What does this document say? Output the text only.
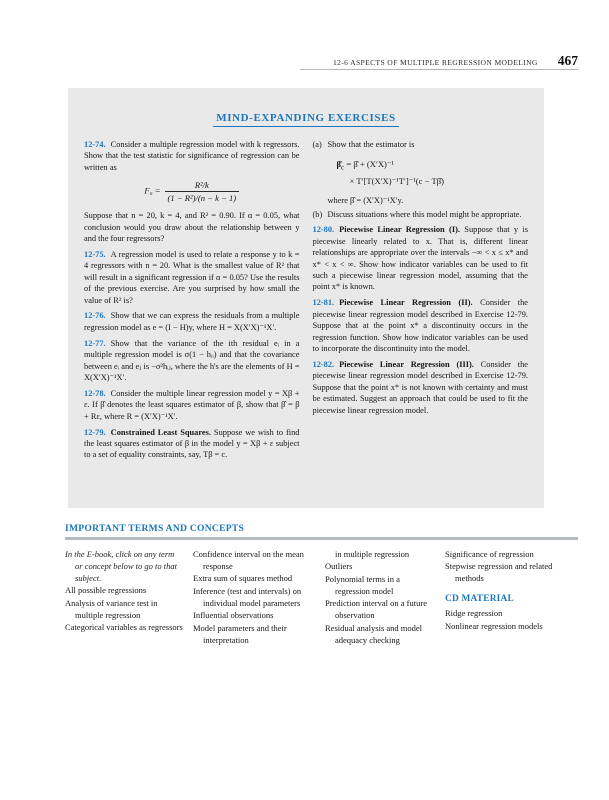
12-6 ASPECTS OF MULTIPLE REGRESSION MODELING 467
MIND-EXPANDING EXERCISES

12-74. Consider a multiple regression model with k regressors. Show that the test statistic for significance of regression can be written as

$F_0 = \frac{\text{R²/k}}{\text{(1 − R²)/(n − k − 1)}}$

Suppose that n = 20, k = 4, and R² = 0.90. If α = 0.05, what conclusion would you draw about the relationship between y and the four regressors?

12-75. A regression model is used to relate a response y to k = 4 regressors with n = 20. What is the smallest value of R² that will result in a significant regression if α = 0.05? Use the results of the previous exercise. Are you surprised by how small the value of R² is?

12-76. Show that we can express the residuals from a multiple regression model as e = (I − H)y, where H = X(X′X)⁻¹X′.

12-77. Show that the variance of the ith residual eᵢ in a multiple regression model is σ(1 − hᵢᵢ) and that the covariance between eᵢ and eⱼ is −σ²hᵢⱼ, where the h's are the elements of H = X(X′X)⁻¹X′.

12-78. Consider the multiple linear regression model y = Xβ + ε. If β̂ denotes the least squares estimator of β, show that β̂ = β + Rε, where R = (X′X)⁻¹X′.

12-79. Constrained Least Squares. Suppose we wish to find the least squares estimator of β in the model y = Xβ + ε subject to a set of equality constraints, say, Tβ = c.

(a) Show that the estimator is
$\betâ_c$ = β̂ + (X′X)⁻¹
× T′[T(X′X)⁻¹T′]⁻¹(c − Tβ̂)
where β̂ = (X′X)⁻¹X′y.
(b) Discuss situations where this model might be appropriate.

12-80. Piecewise Linear Regression (I). Suppose that y is piecewise linearly related to x. That is, different linear relationships are appropriate over the intervals −∞ < x ≤ x* and x* < x < ∞. Show how indicator variables can be used to fit such a piecewise linear regression model, assuming that the point x* is known.

12-81. Piecewise Linear Regression (II). Consider the piecewise linear regression model described in Exercise 12-79. Suppose that at the point x* a discontinuity occurs in the regression function. Show how indicator variables can be used to incorporate the discontinuity into the model.

12-82. Piecewise Linear Regression (III). Consider the piecewise linear regression model described in Exercise 12-79. Suppose that the point x* is not known with certainty and must be estimated. Suggest an approach that could be used to fit the piecewise linear regression model.

IMPORTANT TERMS AND CONCEPTS
In the E-book, click on any term or concept below to go to that subject.
All possible regressions
Analysis of variance test in multiple regression
Categorical variables as regressors
Confidence interval on the mean response
Extra sum of squares method
Inference (test and intervals) on individual model parameters
Influential observations
Model parameters and their interpretation
in multiple regression
Outliers
Polynomial terms in a regression model
Prediction interval on a future observation
Residual analysis and model adequacy checking
Significance of regression
Stepwise regression and related methods
CD MATERIAL
Ridge regression
Nonlinear regression models
